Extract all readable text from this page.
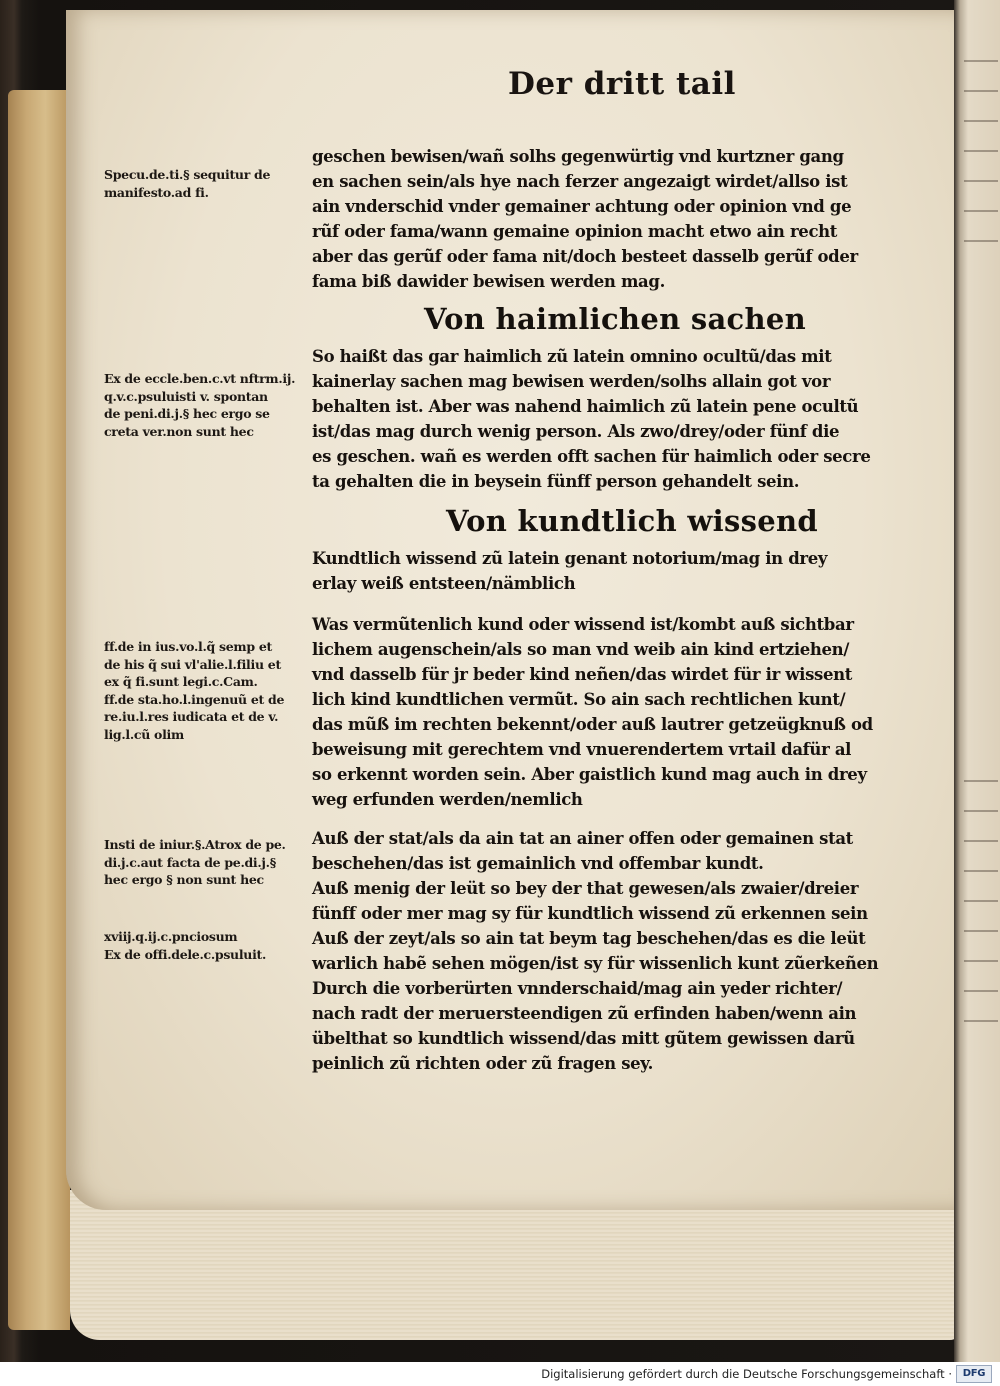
Der dritt tail
Specu.de.ti.§ sequitur de
manifesto.ad fi.
Ex de eccle.ben.c.vt nftrm.ij.
q.v.c.psuluisti v. spontan
de peni.di.j.§ hec ergo se
creta ver.non sunt hec
ff.de in ius.vo.l.q̃ semp et
de his q̃ sui vl'alie.l.filiu et
ex q̃ fi.sunt legi.c.Cam.
ff.de sta.ho.l.ingenuũ et de
re.iu.l.res iudicata et de v.
lig.l.cũ olim
Insti de iniur.§.Atrox de pe.
di.j.c.aut facta de pe.di.j.§
hec ergo § non sunt hec
xviij.q.ij.c.pnciosum
Ex de offi.dele.c.psuluit.
geschen bewisen/wañ solhs gegenwürtig vnd kurtzner gang
en sachen sein/als hye nach ferzer angezaigt wirdet/allso ist
ain vnderschid vnder gemainer achtung oder opinion vnd ge
rũf oder fama/wann gemaine opinion macht etwo ain recht
aber das gerũf oder fama nit/doch besteet dasselb gerũf oder
fama biß dawider bewisen werden mag.
Von haimlichen sachen
So haißt das gar haimlich zũ latein omnino ocultũ/das mit
kainerlay sachen mag bewisen werden/solhs allain got vor
behalten ist. Aber was nahend haimlich zũ latein pene ocultũ
ist/das mag durch wenig person. Als zwo/drey/oder fünf die
es geschen. wañ es werden offt sachen für haimlich oder secre
ta gehalten die in beysein fünff person gehandelt sein.
Von kundtlich wissend
Kundtlich wissend zũ latein genant notorium/mag in drey
erlay weiß entsteen/nämblich
Was vermũtenlich kund oder wissend ist/kombt auß sichtbar
lichem augenschein/als so man vnd weib ain kind ertziehen/
vnd dasselb für jr beder kind neñen/das wirdet für ir wissent
lich kind kundtlichen vermũt. So ain sach rechtlichen kunt/
das mũß im rechten bekennt/oder auß lautrer getzeügknuß od
beweisung mit gerechtem vnd vnuerendertem vrtail dafür al
so erkennt worden sein. Aber gaistlich kund mag auch in drey
weg erfunden werden/nemlich
Auß der stat/als da ain tat an ainer offen oder gemainen stat
beschehen/das ist gemainlich vnd offembar kundt.
Auß menig der leüt so bey der that gewesen/als zwaier/dreier
fünff oder mer mag sy für kundtlich wissend zũ erkennen sein
Auß der zeyt/als so ain tat beym tag beschehen/das es die leüt
warlich habẽ sehen mögen/ist sy für wissenlich kunt zũerkeñen
Durch die vorberürten vnnderschaid/mag ain yeder richter/
nach radt der meruersteendigen zũ erfinden haben/wenn ain
übelthat so kundtlich wissend/das mitt gũtem gewissen darũ
peinlich zũ richten oder zũ fragen sey.
Digitalisierung gefördert durch die Deutsche Forschungsgemeinschaft ·	DFG
